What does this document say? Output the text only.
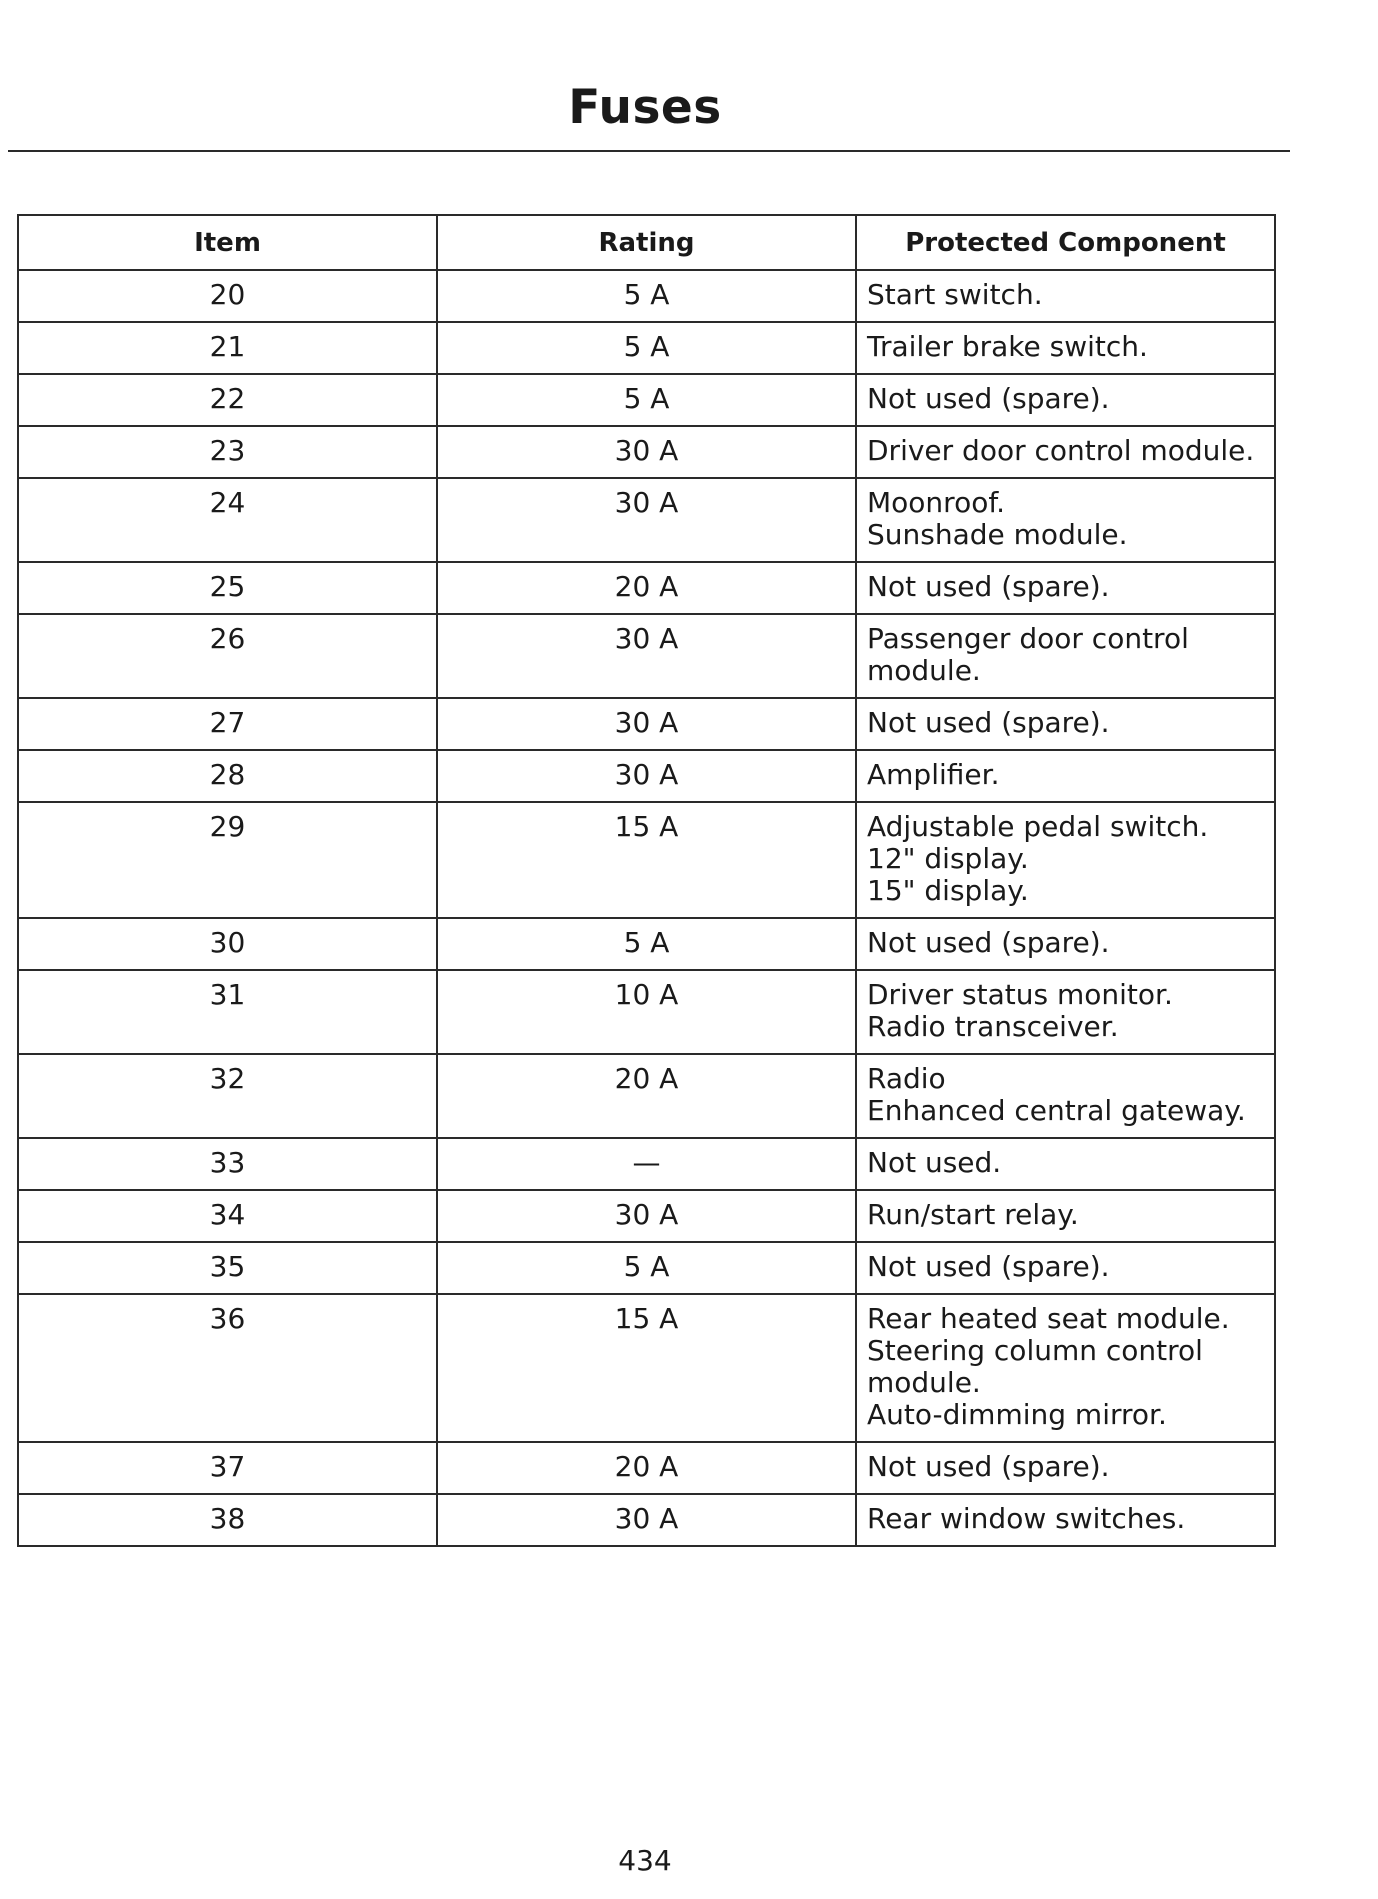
Fuses
Item	Rating	Protected Component
20	5 A	Start switch.

21	5 A	Trailer brake switch.

22	5 A	Not used (spare).

23	30 A	Driver door control module.

24	30 A	Moonroof.
Sunshade module.

25	20 A	Not used (spare).

26	30 A	Passenger door control
module.

27	30 A	Not used (spare).

28	30 A	Amplifier.

29	15 A	Adjustable pedal switch.
12" display.
15" display.

30	5 A	Not used (spare).

31	10 A	Driver status monitor.
Radio transceiver.

32	20 A	Radio
Enhanced central gateway.

33	—	Not used.

34	30 A	Run/start relay.

35	5 A	Not used (spare).

36	15 A	Rear heated seat module.
Steering column control
module.
Auto-dimming mirror.

37	20 A	Not used (spare).

38	30 A	Rear window switches.
434
